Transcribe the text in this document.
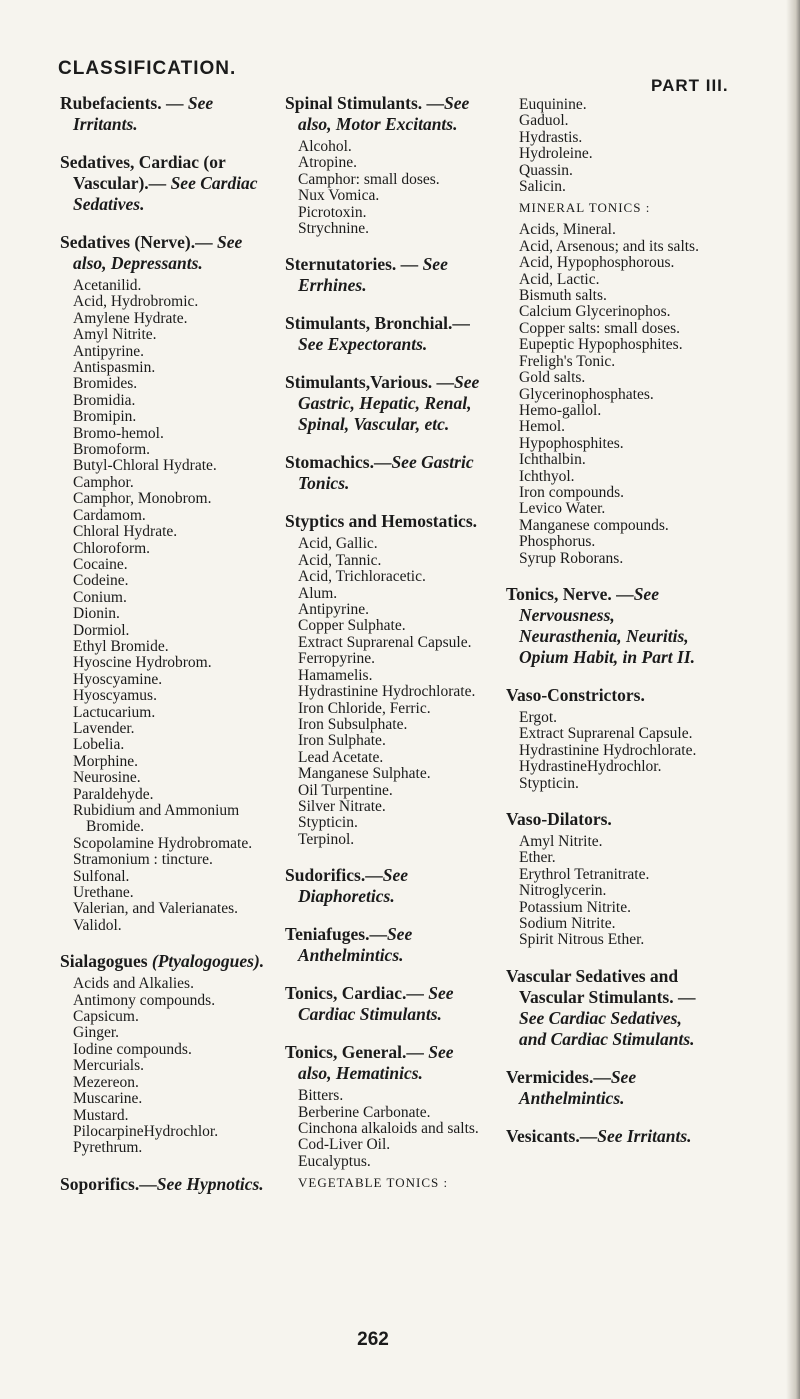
CLASSIFICATION.
PART III.
Rubefacients. — See Irritants.
Sedatives, Cardiac (or Vascular).— See Cardiac Sedatives.
Sedatives (Nerve).— See also, Depressants.
Acetanilid.
Acid, Hydrobromic.
Amylene Hydrate.
Amyl Nitrite.
Antipyrine.
Antispasmin.
Bromides.
Bromidia.
Bromipin.
Bromo-hemol.
Bromoform.
Butyl-Chloral Hydrate.
Camphor.
Camphor, Monobrom.
Cardamom.
Chloral Hydrate.
Chloroform.
Cocaine.
Codeine.
Conium.
Dionin.
Dormiol.
Ethyl Bromide.
Hyoscine Hydrobrom.
Hyoscyamine.
Hyoscyamus.
Lactucarium.
Lavender.
Lobelia.
Morphine.
Neurosine.
Paraldehyde.
Rubidium and Ammonium Bromide.
Scopolamine Hydrobromate.
Stramonium : tincture.
Sulfonal.
Urethane.
Valerian, and Valerianates.
Validol.
Sialagogues (Ptyalogogues).
Acids and Alkalies.
Antimony compounds.
Capsicum.
Ginger.
Iodine compounds.
Mercurials.
Mezereon.
Muscarine.
Mustard.
PilocarpineHydrochlor.
Pyrethrum.
Soporifics.—See Hypnotics.
Spinal Stimulants. —See also, Motor Excitants.
Alcohol.
Atropine.
Camphor: small doses.
Nux Vomica.
Picrotoxin.
Strychnine.
Sternutatories. — See Errhines.
Stimulants, Bronchial.—See Expectorants.
Stimulants,Various. —See Gastric, Hepatic, Renal, Spinal, Vascular, etc.
Stomachics.—See Gastric Tonics.
Styptics and Hemostatics.
Acid, Gallic.
Acid, Tannic.
Acid, Trichloracetic.
Alum.
Antipyrine.
Copper Sulphate.
Extract Suprarenal Capsule.
Ferropyrine.
Hamamelis.
Hydrastinine Hydrochlorate.
Iron Chloride, Ferric.
Iron Subsulphate.
Iron Sulphate.
Lead Acetate.
Manganese Sulphate.
Oil Turpentine.
Silver Nitrate.
Stypticin.
Terpinol.
Sudorifics.—See Diaphoretics.
Teniafuges.—See Anthelmintics.
Tonics, Cardiac.— See Cardiac Stimulants.
Tonics, General.— See also, Hematinics.
Bitters.
Berberine Carbonate.
Cinchona alkaloids and salts.
Cod-Liver Oil.
Eucalyptus.
VEGETABLE TONICS :
Euquinine.
Gaduol.
Hydrastis.
Hydroleine.
Quassin.
Salicin.
MINERAL TONICS :
Acids, Mineral.
Acid, Arsenous; and its salts.
Acid, Hypophosphorous.
Acid, Lactic.
Bismuth salts.
Calcium Glycerinophos.
Copper salts: small doses.
Eupeptic Hypophosphites.
Freligh's Tonic.
Gold salts.
Glycerinophosphates.
Hemo-gallol.
Hemol.
Hypophosphites.
Ichthalbin.
Ichthyol.
Iron compounds.
Levico Water.
Manganese compounds.
Phosphorus.
Syrup Roborans.
Tonics, Nerve. —See Nervousness, Neurasthenia, Neuritis, Opium Habit, in Part II.
Vaso-Constrictors.
Ergot.
Extract Suprarenal Capsule.
Hydrastinine Hydrochlorate.
HydrastineHydrochlor.
Stypticin.
Vaso-Dilators.
Amyl Nitrite.
Ether.
Erythrol Tetranitrate.
Nitroglycerin.
Potassium Nitrite.
Sodium Nitrite.
Spirit Nitrous Ether.
Vascular Sedatives and Vascular Stimulants. — See Cardiac Sedatives, and Cardiac Stimulants.
Vermicides.—See Anthelmintics.
Vesicants.—See Irritants.
262
